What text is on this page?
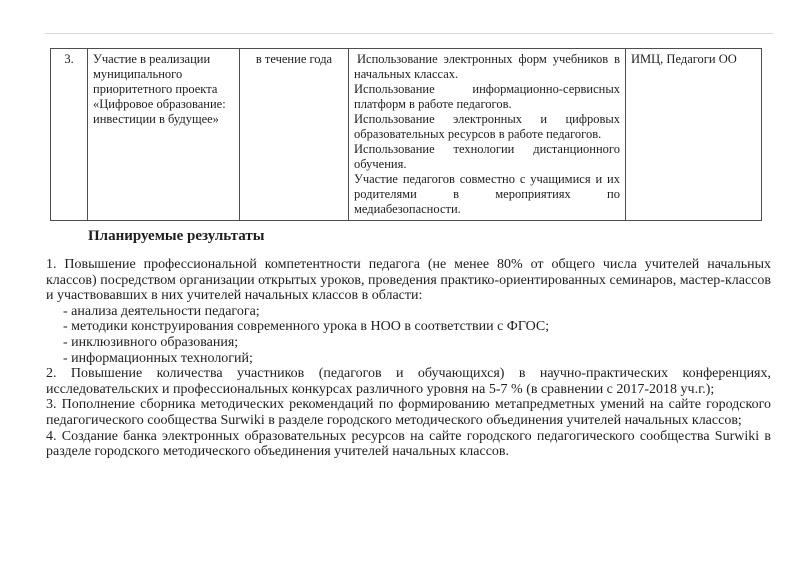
3.	Участие в реализации муниципального приоритетного проекта «Цифровое образование: инвестиции в будущее»	в течение года	Использование электронных форм учебников в начальных классах.

Использование информационно-сервисных платформ в работе педагогов.

Использование электронных и цифровых образовательных ресурсов в работе педагогов.

Использование технологии дистанционного обучения.

Участие педагогов совместно с учащимися и их родителями в мероприятиях по медиабезопасности.

	ИМЦ, Педагоги ОО
Планируемые результаты

1. Повышение профессиональной компетентности педагога (не менее 80% от общего числа учителей начальных классов) посредством организации открытых уроков, проведения практико-ориентированных семинаров, мастер-классов и участвовавших в них учителей начальных классов в области:

- анализа деятельности педагога;
- методики конструирования современного урока в НОО в соответствии с ФГОС;
- инклюзивного образования;
- информационных технологий;

2. Повышение количества участников (педагогов и обучающихся) в научно-практических конференциях, исследовательских и профессиональных конкурсах различного уровня на 5-7 % (в сравнении с 2017-2018 уч.г.);

3. Пополнение сборника методических рекомендаций по формированию метапредметных умений на сайте городского педагогического сообщества Surwiki в разделе городского методического объединения учителей начальных классов;

4. Создание банка электронных образовательных ресурсов на сайте городского педагогического сообщества Surwiki в разделе городского методического объединения учителей начальных классов.
